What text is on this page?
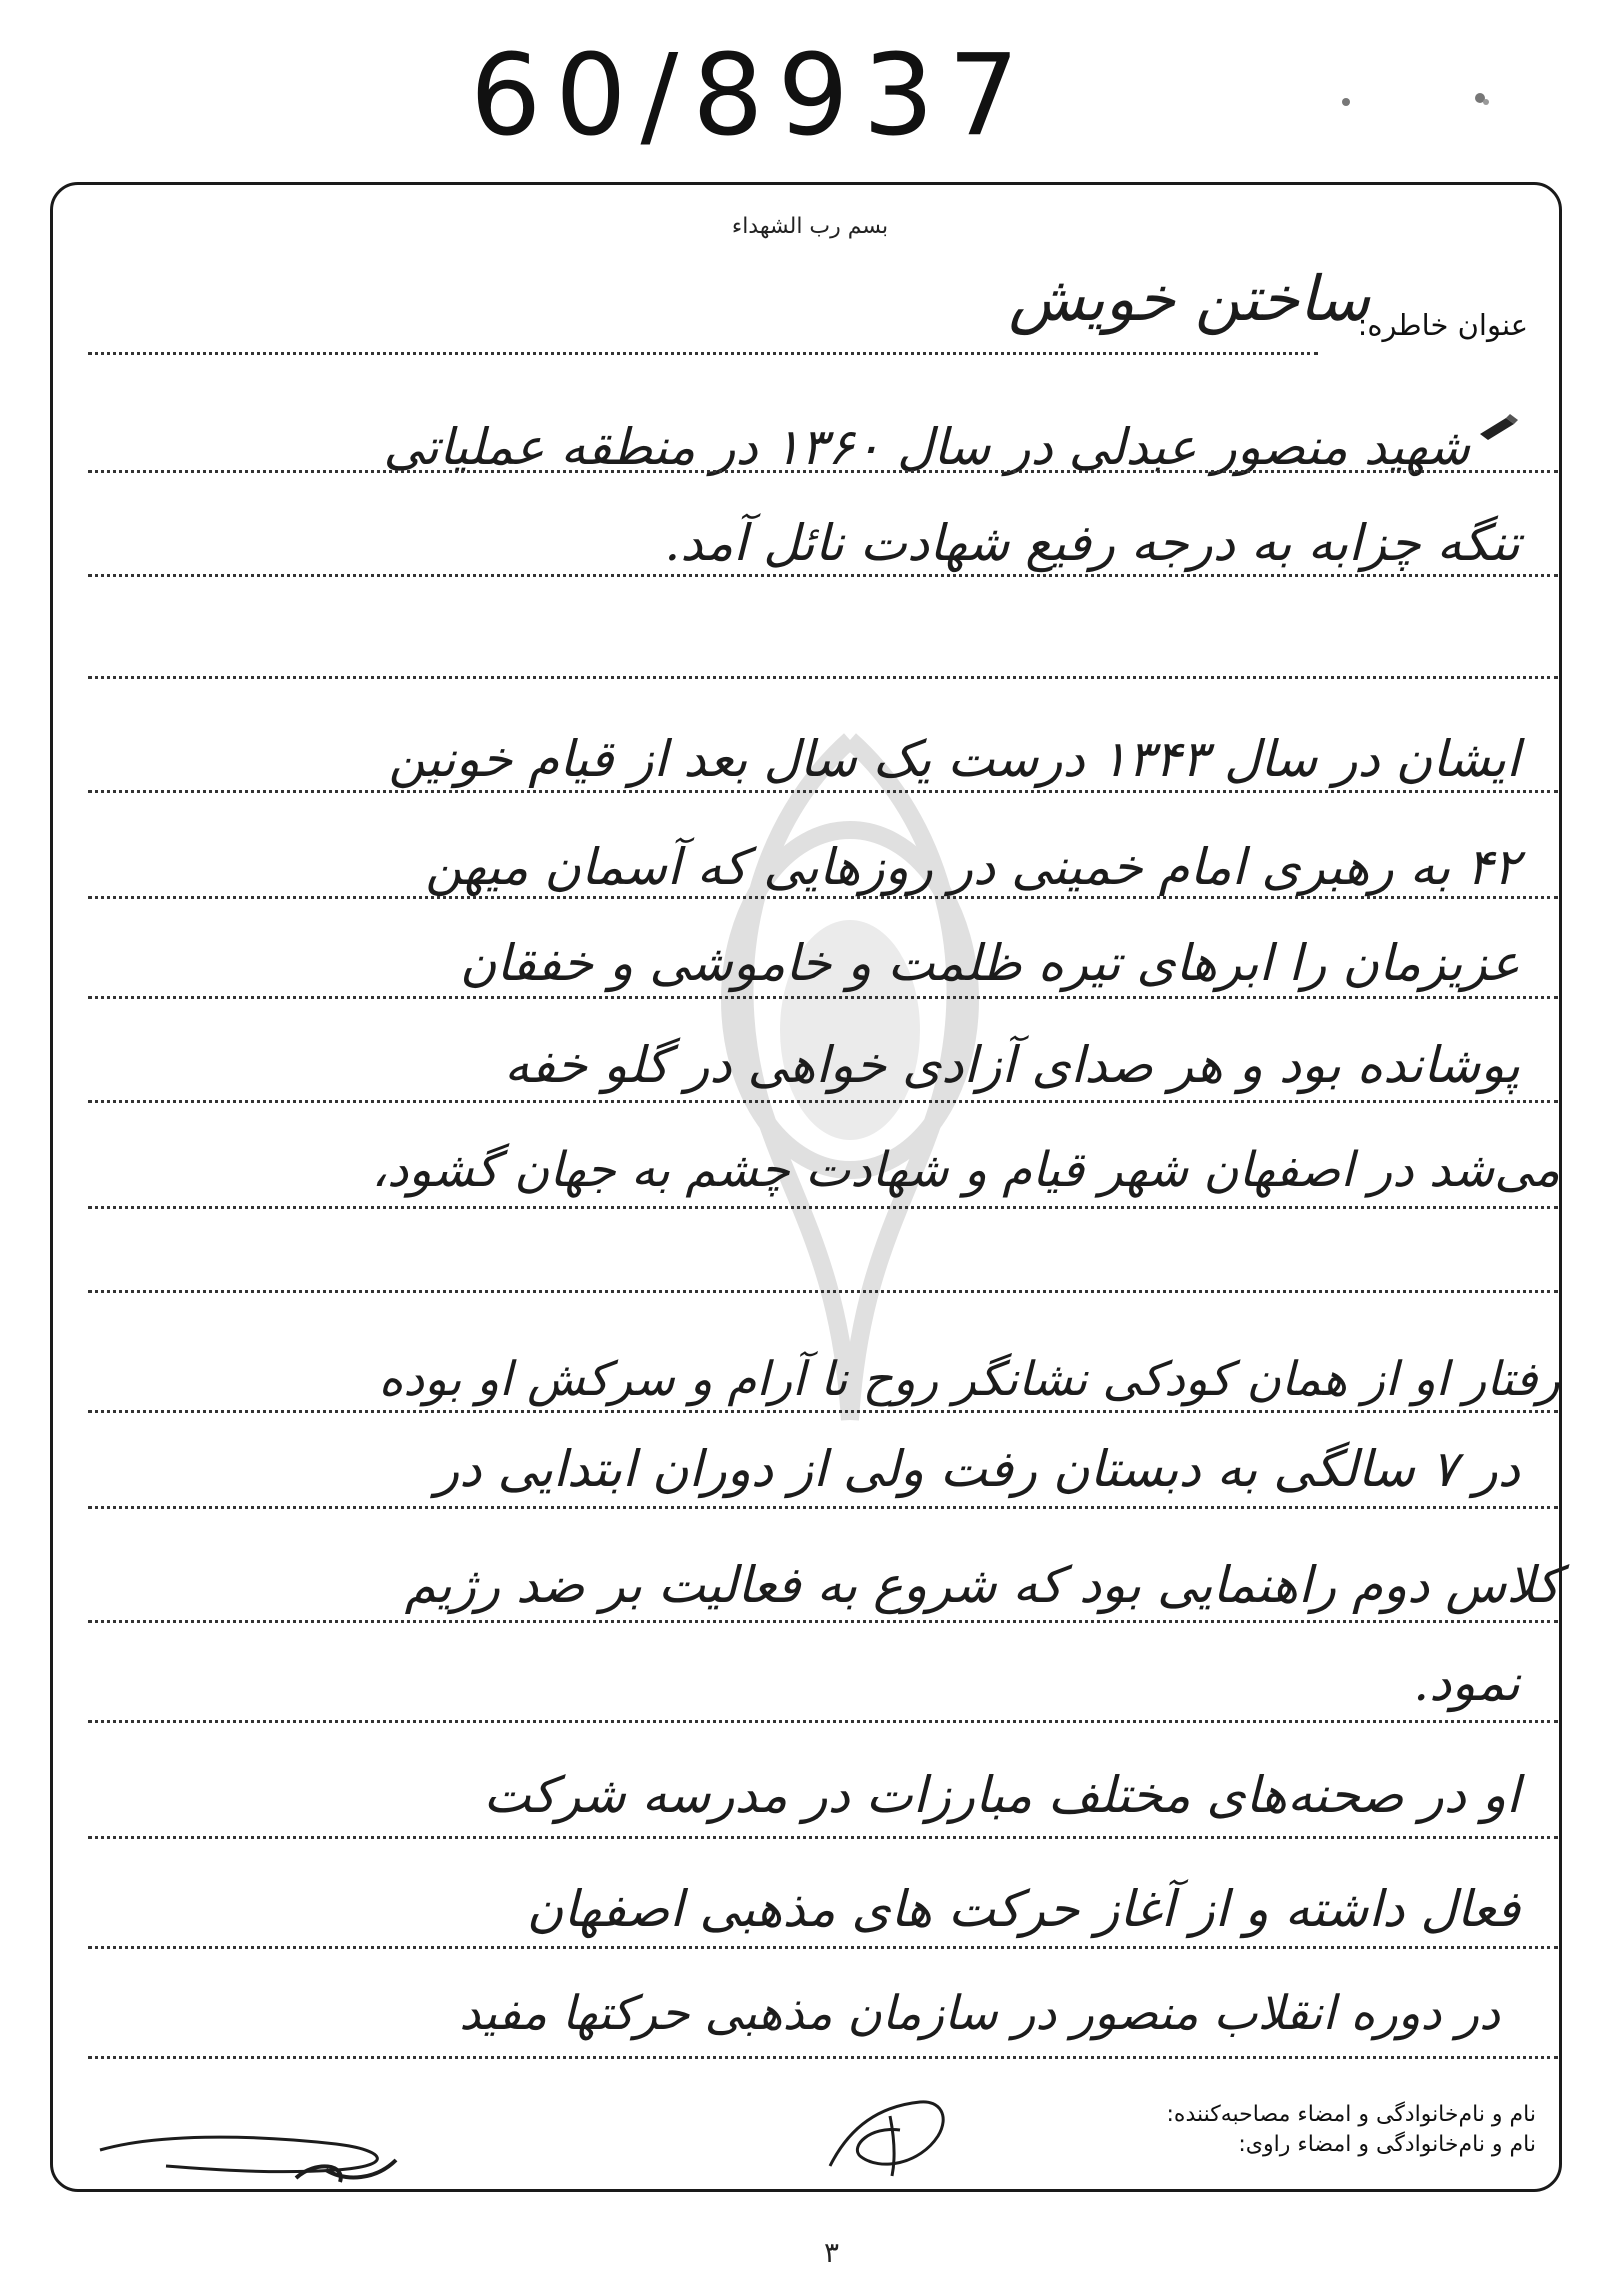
60/8937
بسم رب الشهداء
عنوان خاطره:
ساختن خویش
شهید منصور عبدلی در سال ۱۳۶۰ در منطقه عملیاتی
تنگه چزابه به درجه رفیع شهادت نائل آمد.
ایشان در سال ۱۳۴۳ درست یک سال بعد از قیام خونین
۴۲ به رهبری امام خمینی در روزهایی که آسمان میهن
عزیزمان را ابرهای تیره ظلمت و خاموشی و خفقان
پوشانده بود و هر صدای آزادی خواهی در گلو خفه
می‌شد در اصفهان شهر قیام و شهادت چشم به جهان گشود،
رفتار او از همان کودکی نشانگر روح نا آرام و سرکش او بوده
در ۷ سالگی به دبستان رفت ولی از دوران ابتدایی در
کلاس دوم راهنمایی بود که شروع به فعالیت بر ضد رژیم
نمود.
او در صحنه‌های مختلف مبارزات در مدرسه شرکت
فعال داشته و از آغاز حرکت های مذهبی اصفهان
در دوره انقلاب منصور در سازمان مذهبی حرکتها مفید
نام و نام‌خانوادگی و امضاء مصاحبه‌کننده:
نام و نام‌خانوادگی و امضاء راوی:
۳
